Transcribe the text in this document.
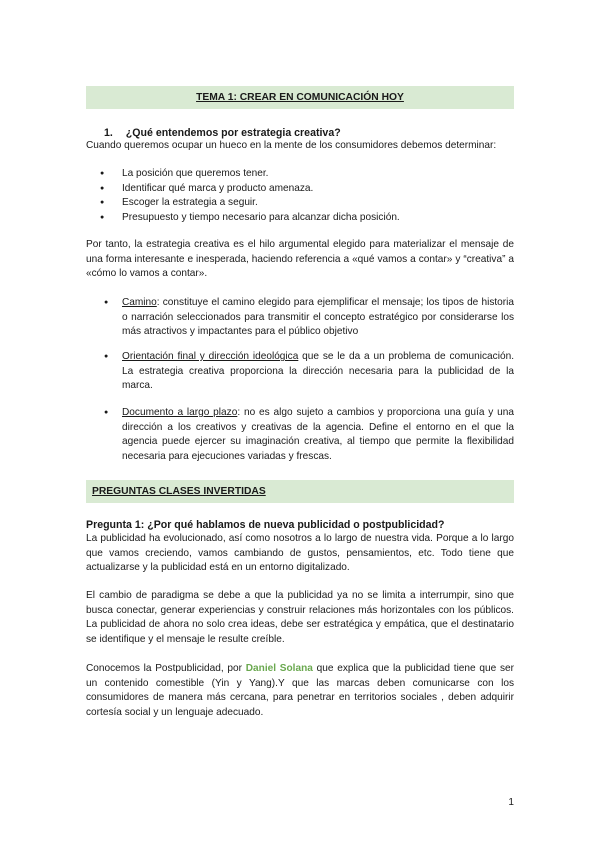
TEMA 1: CREAR EN COMUNICACIÓN HOY
1. ¿Qué entendemos por estrategia creativa?
Cuando queremos ocupar un hueco en la mente de los consumidores debemos determinar:
● La posición que queremos tener.
● Identificar qué marca y producto amenaza.
● Escoger la estrategia a seguir.
● Presupuesto y tiempo necesario para alcanzar dicha posición.
Por tanto, la estrategia creativa es el hilo argumental elegido para materializar el mensaje de una forma interesante e inesperada, haciendo referencia a «qué vamos a contar» y “creativa” a «cómo lo vamos a contar».
● Camino: constituye el camino elegido para ejemplificar el mensaje; los tipos de historia o narración seleccionados para transmitir el concepto estratégico por considerarse los más atractivos y impactantes para el público objetivo
● Orientación final y dirección ideológica que se le da a un problema de comunicación. La estrategia creativa proporciona la dirección necesaria para la publicidad de la marca.
● Documento a largo plazo: no es algo sujeto a cambios y proporciona una guía y una dirección a los creativos y creativas de la agencia. Define el entorno en el que la agencia puede ejercer su imaginación creativa, al tiempo que permite la flexibilidad necesaria para ejecuciones variadas y frescas.
PREGUNTAS CLASES INVERTIDAS
Pregunta 1: ¿Por qué hablamos de nueva publicidad o postpublicidad?
La publicidad ha evolucionado, así como nosotros a lo largo de nuestra vida. Porque a lo largo que vamos creciendo, vamos cambiando de gustos, pensamientos, etc. Todo tiene que actualizarse y la publicidad está en un entorno digitalizado.
El cambio de paradigma se debe a que la publicidad ya no se limita a interrumpir, sino que busca conectar, generar experiencias y construir relaciones más horizontales con los públicos. La publicidad de ahora no solo crea ideas, debe ser estratégica y empática, que el destinatario se identifique y el mensaje le resulte creíble.
Conocemos la Postpublicidad, por Daniel Solana que explica que la publicidad tiene que ser un contenido comestible (Yin y Yang).Y que las marcas deben comunicarse con los consumidores de manera más cercana, para penetrar en territorios sociales , deben adquirir cortesía social y un lenguaje adecuado.
1
